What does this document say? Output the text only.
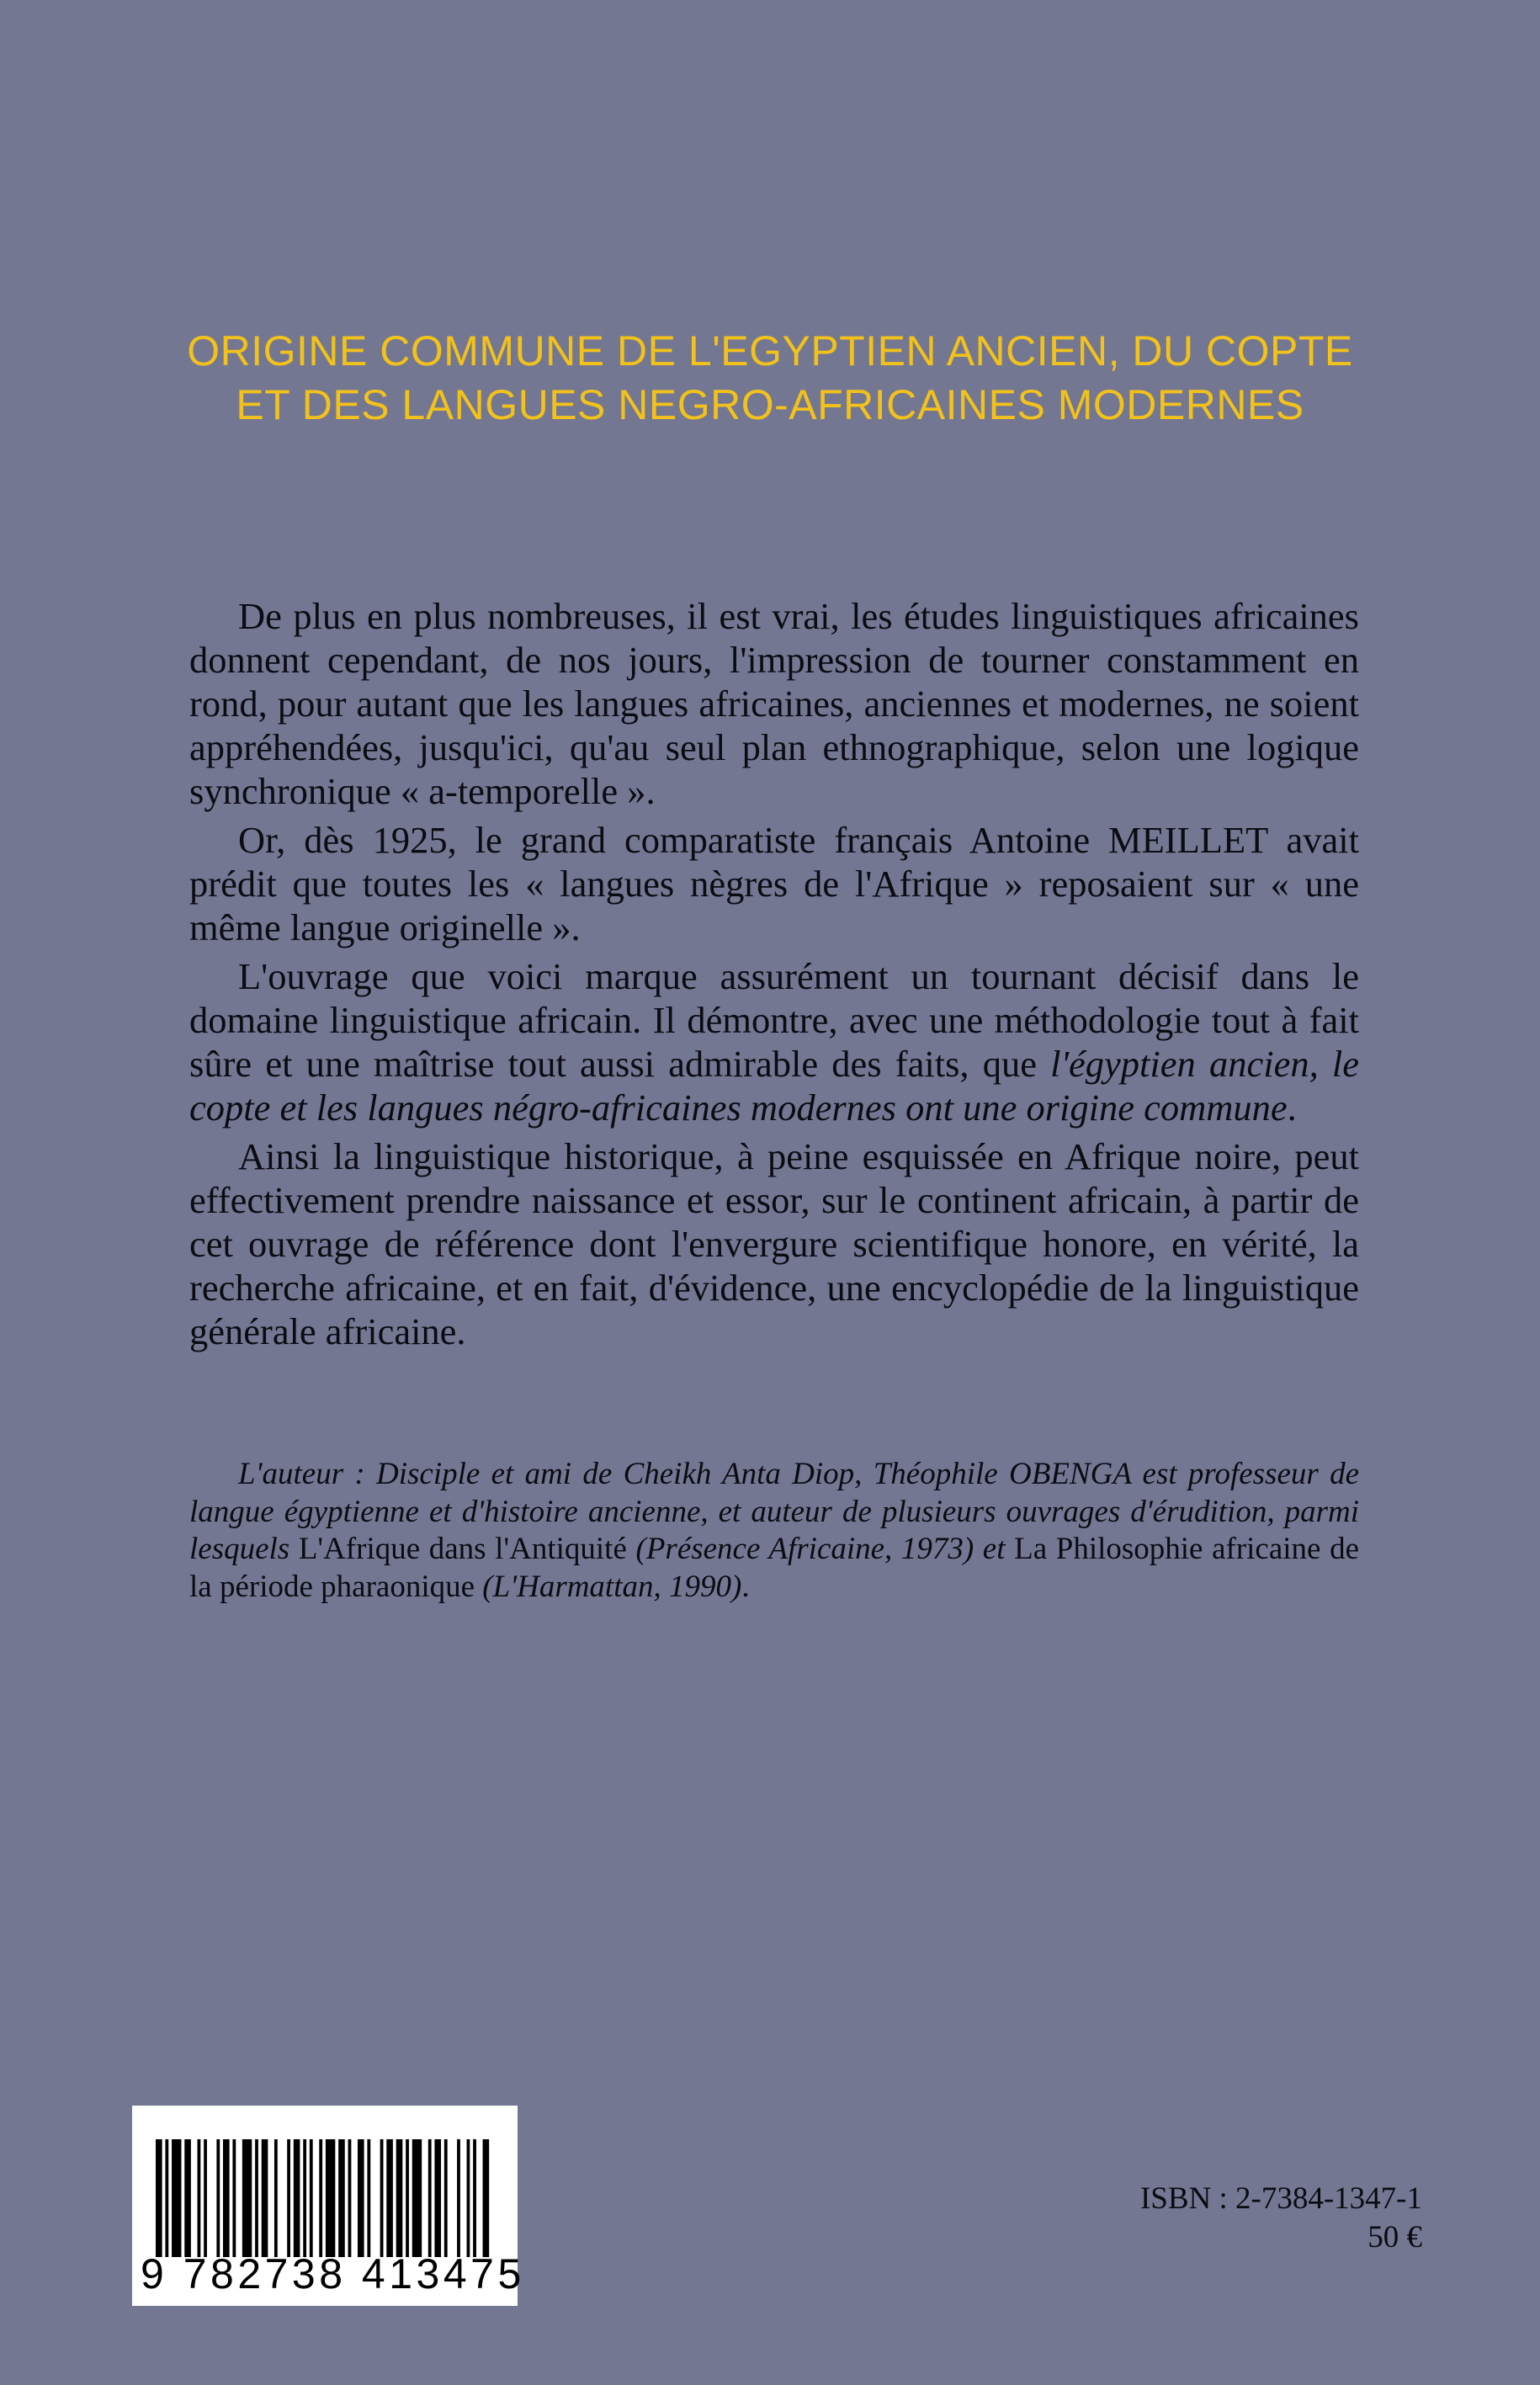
ORIGINE COMMUNE DE L'EGYPTIEN ANCIEN, DU COPTE
ET DES LANGUES NEGRO-AFRICAINES MODERNES

De plus en plus nombreuses, il est vrai, les études linguistiques africaines donnent cependant, de nos jours, l'impression de tourner constamment en rond, pour autant que les langues africaines, anciennes et modernes, ne soient appréhendées, jusqu'ici, qu'au seul plan ethnographique, selon une logique synchronique « a-temporelle ».

Or, dès 1925, le grand comparatiste français Antoine MEILLET avait prédit que toutes les « langues nègres de l'Afrique » reposaient sur « une même langue originelle ».

L'ouvrage que voici marque assurément un tournant décisif dans le domaine linguistique africain. Il démontre, avec une méthodologie tout à fait sûre et une maîtrise tout aussi admirable des faits, que l'égyptien ancien, le copte et les langues négro-africaines modernes ont une origine commune.

Ainsi la linguistique historique, à peine esquissée en Afrique noire, peut effectivement prendre naissance et essor, sur le continent africain, à partir de cet ouvrage de référence dont l'envergure scientifique honore, en vérité, la recherche africaine, et en fait, d'évidence, une encyclopédie de la linguistique générale africaine.

L'auteur : Disciple et ami de Cheikh Anta Diop, Théophile OBENGA est professeur de langue égyptienne et d'histoire ancienne, et auteur de plusieurs ouvrages d'érudition, parmi lesquels L'Afrique dans l'Antiquité (Présence Africaine, 1973) et La Philosophie africaine de la période pharaonique (L'Harmattan, 1990).
9 782738 413475
ISBN : 2-7384-1347-1
50 €
